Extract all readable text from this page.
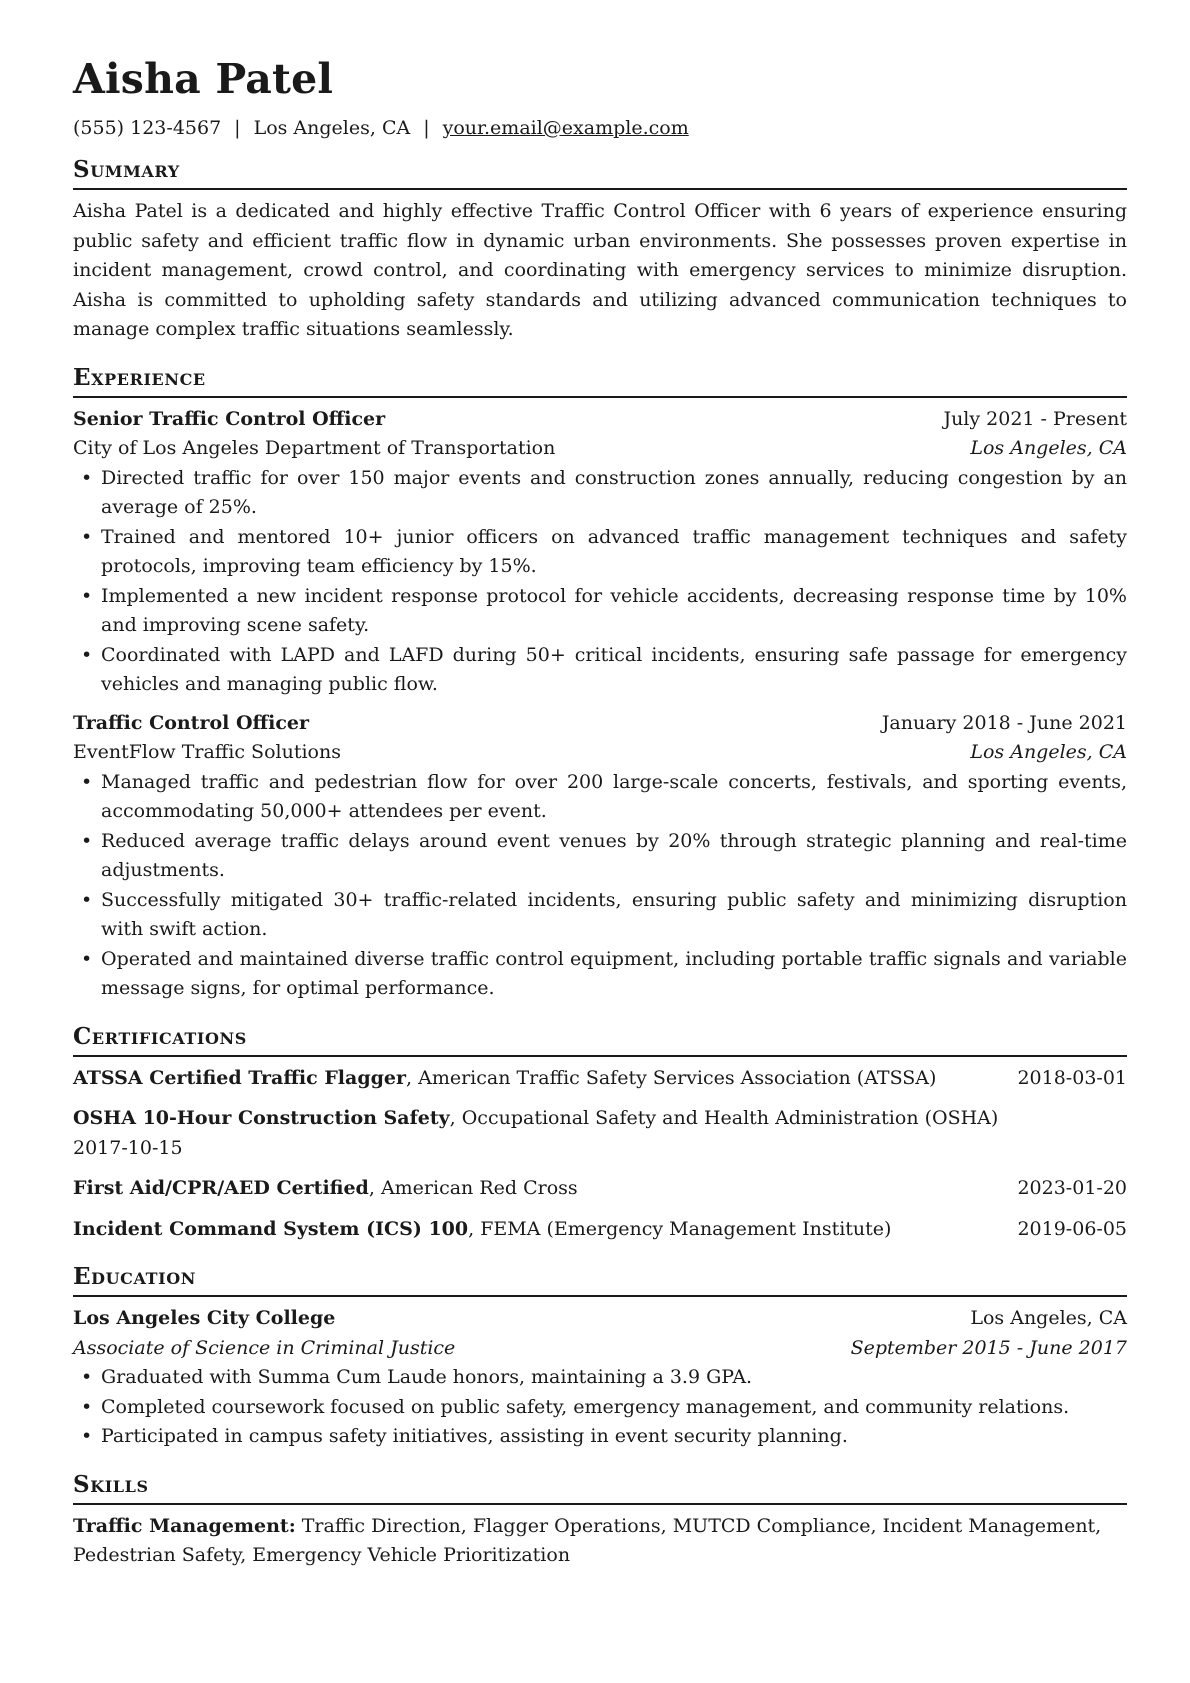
Aisha Patel
(555) 123-4567 | Los Angeles, CA | your.email@example.com
Summary

Aisha Patel is a dedicated and highly effective Traffic Control Officer with 6 years of experience ensuring public safety and efficient traffic flow in dynamic urban environments. She possesses proven expertise in incident management, crowd control, and coordinating with emergency services to minimize disruption. Aisha is committed to upholding safety standards and utilizing advanced communication techniques to manage complex traffic situations seamlessly.

Experience
Senior Traffic Control Officer	July 2021 - Present
City of Los Angeles Department of Transportation	Los Angeles, CA
• Directed traffic for over 150 major events and construction zones annually, reducing congestion by an average of 25%.
• Trained and mentored 10+ junior officers on advanced traffic management techniques and safety protocols, improving team efficiency by 15%.
• Implemented a new incident response protocol for vehicle accidents, decreasing response time by 10% and improving scene safety.
• Coordinated with LAPD and LAFD during 50+ critical incidents, ensuring safe passage for emergency vehicles and managing public flow.
Traffic Control Officer	January 2018 - June 2021
EventFlow Traffic Solutions	Los Angeles, CA
• Managed traffic and pedestrian flow for over 200 large-scale concerts, festivals, and sporting events, accommodating 50,000+ attendees per event.
• Reduced average traffic delays around event venues by 20% through strategic planning and real-time adjustments.
• Successfully mitigated 30+ traffic-related incidents, ensuring public safety and minimizing disruption with swift action.
• Operated and maintained diverse traffic control equipment, including portable traffic signals and variable message signs, for optimal performance.
Certifications
ATSSA Certified Traffic Flagger, American Traffic Safety Services Association (ATSSA)	2018-03-01
OSHA 10-Hour Construction Safety, Occupational Safety and Health Administration (OSHA)
2017-10-15
First Aid/CPR/AED Certified, American Red Cross	2023-01-20
Incident Command System (ICS) 100, FEMA (Emergency Management Institute)	2019-06-05
Education
Los Angeles City College	Los Angeles, CA
Associate of Science in Criminal Justice	September 2015 - June 2017
• Graduated with Summa Cum Laude honors, maintaining a 3.9 GPA.
• Completed coursework focused on public safety, emergency management, and community relations.
• Participated in campus safety initiatives, assisting in event security planning.
Skills
Traffic Management: Traffic Direction, Flagger Operations, MUTCD Compliance, Incident Management, Pedestrian Safety, Emergency Vehicle Prioritization
